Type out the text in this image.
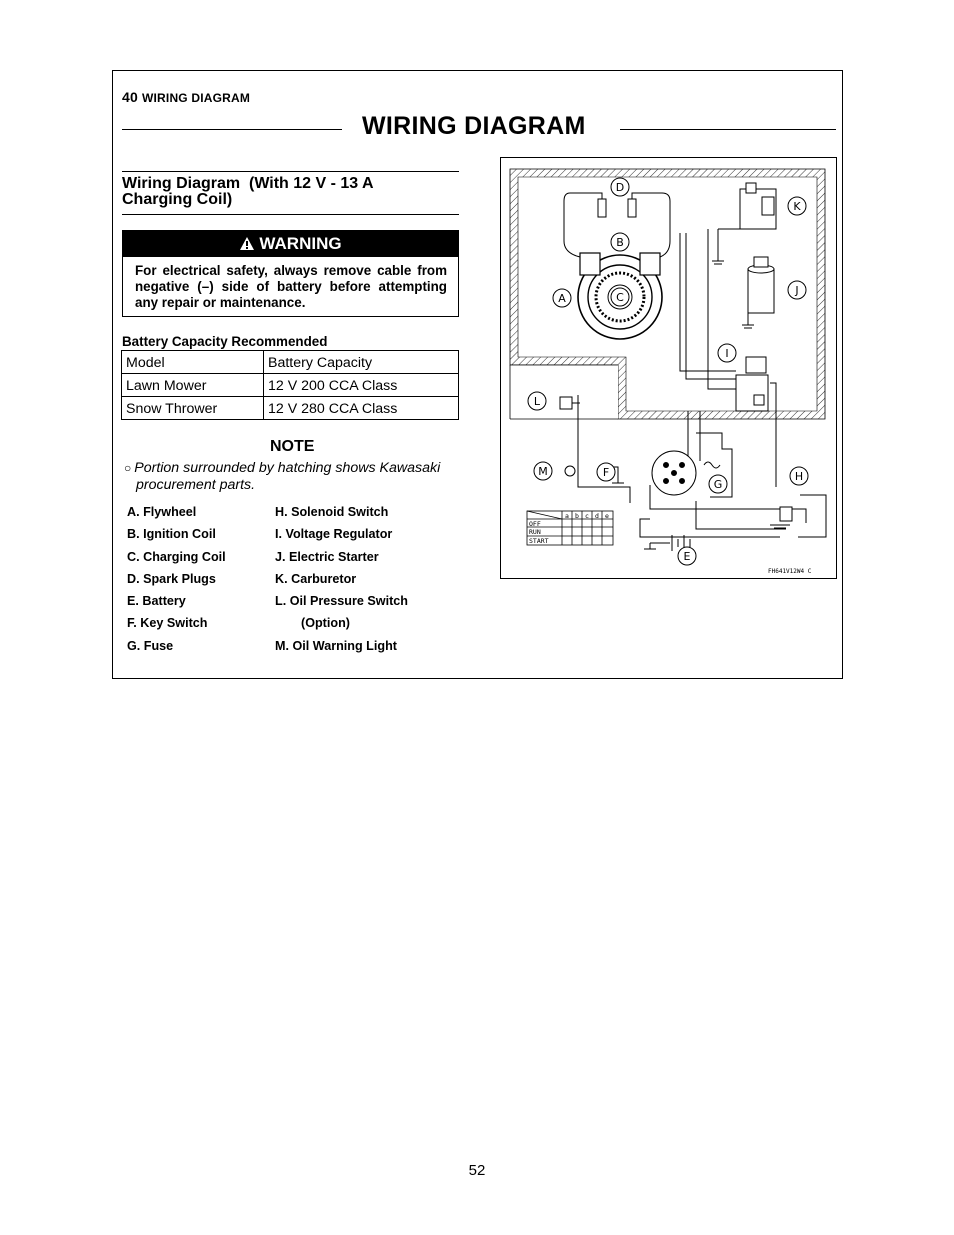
40 WIRING DIAGRAM
WIRING DIAGRAM
Wiring Diagram  (With 12 V - 13 A
Charging Coil)
WARNING
For electrical safety, always remove cable from negative (–) side of battery before attempting any repair or maintenance.
Battery Capacity Recommended
Model	Battery Capacity
Lawn Mower	12 V 200 CCA Class
Snow Thrower	12 V 280 CCA Class
NOTE
○ Portion surrounded by hatching shows Kawasaki
procurement parts.
A. Flywheel
B. Ignition Coil
C. Charging Coil
D. Spark Plugs
E. Battery
F. Key Switch
G. Fuse
H. Solenoid Switch
I. Voltage Regulator
J. Electric Starter
K. Carburetor
L. Oil Pressure Switch
(Option)
M. Oil Warning Light
a b c d e
OFF
RUN
START
A
B
C
D
E
F
G
H
I
J
K
L
M
FH641V12W4 C
52
